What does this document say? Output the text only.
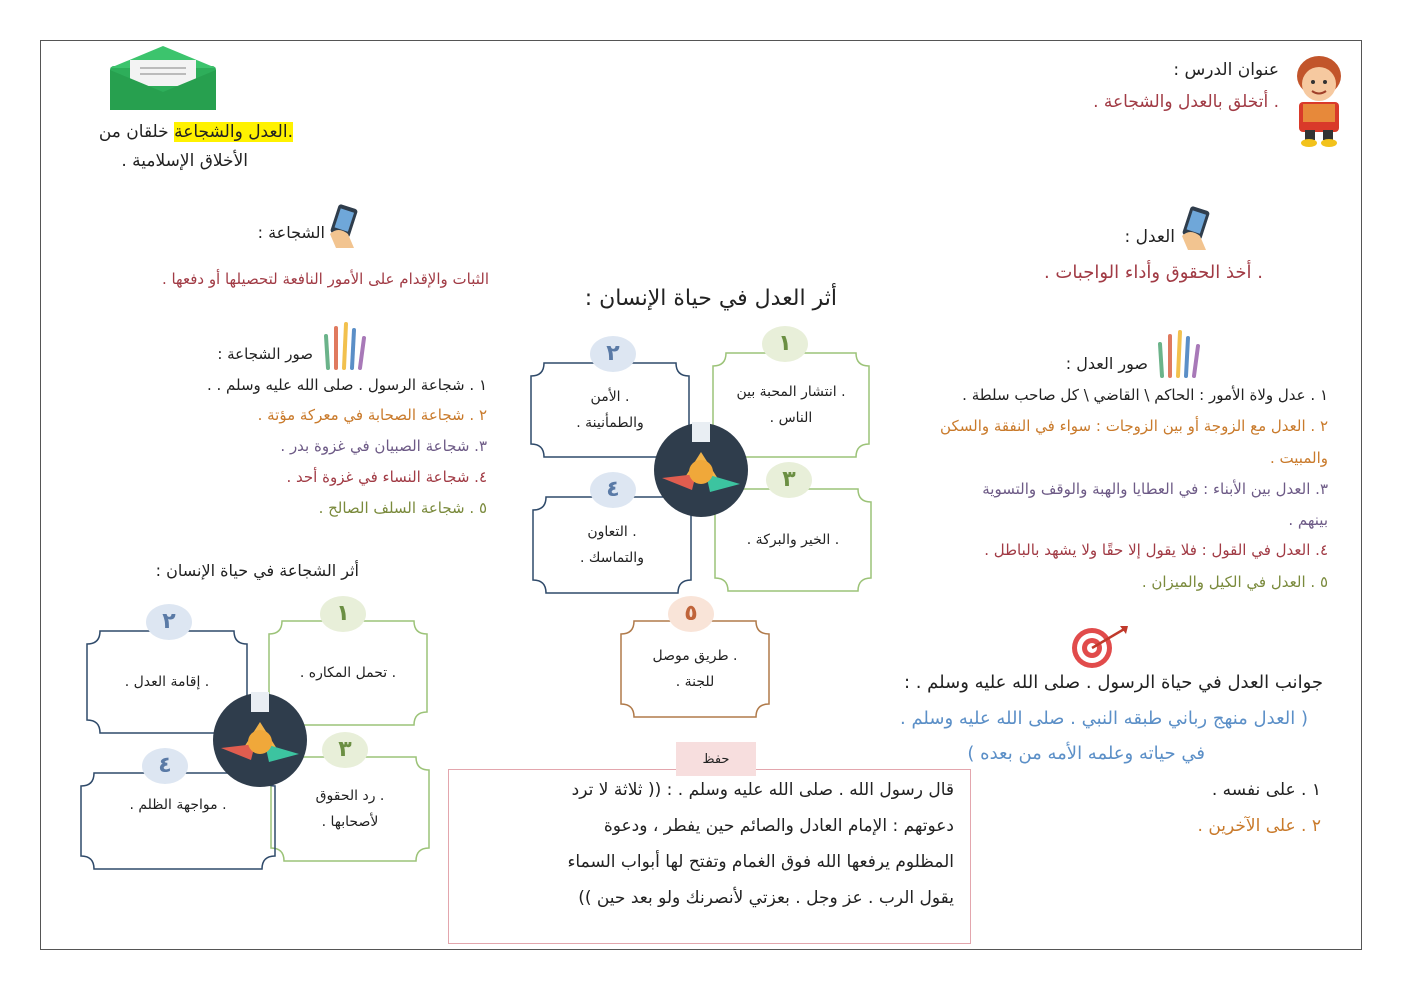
عنوان الدرس :
. أتخلق بالعدل والشجاعة .
.العدل والشجاعة خلقان من
الأخلاق الإسلامية .
العدل :
. أخذ الحقوق وأداء الواجبات .
صور العدل :
١ . عدل ولاة الأمور : الحاكم \ القاضي \ كل صاحب سلطة .
٢ . العدل مع الزوجة أو بين الزوجات : سواء في النفقة والسكن
والمبيت .
٣. العدل بين الأبناء : في العطايا والهبة والوقف والتسوية
بينهم .
٤. العدل في القول : فلا يقول إلا حقًا ولا يشهد بالباطل .
٥ . العدل في الكيل والميزان .
الشجاعة :
الثبات والإقدام على الأمور النافعة لتحصيلها أو دفعها .
صور الشجاعة :
١ . شجاعة الرسول . صلى الله عليه وسلم . .
٢ . شجاعة الصحابة في معركة مؤتة .
٣. شجاعة الصبيان في غزوة بدر .
٤. شجاعة النساء في غزوة أحد .
٥ . شجاعة السلف الصالح .
أثر العدل في حياة الإنسان :
. انتشار المحبة بين الناس .
١
. الأمن والطمأنينة .
٢
. الخير والبركة .
٣
. التعاون والتماسك .
٤
. طريق موصل للجنة .
٥
أثر الشجاعة في حياة الإنسان :
. تحمل المكاره .
١
. إقامة العدل .
٢
. رد الحقوق لأصحابها .
٣
. مواجهة الظلم .
٤
جوانب العدل في حياة الرسول . صلى الله عليه وسلم . :
( العدل منهج رباني طبقه النبي . صلى الله عليه وسلم .
في حياته وعلمه الأمه من بعده )
١ . على نفسه .
٢ . على الآخرين .

قال رسول الله . صلى الله عليه وسلم . : (( ثلاثة لا ترد

دعوتهم : الإمام العادل والصائم حين يفطر ، ودعوة

المظلوم يرفعها الله فوق الغمام وتفتح لها أبواب السماء

يقول الرب . عز وجل . بعزتي لأنصرنك ولو بعد حين ))

حفظ
